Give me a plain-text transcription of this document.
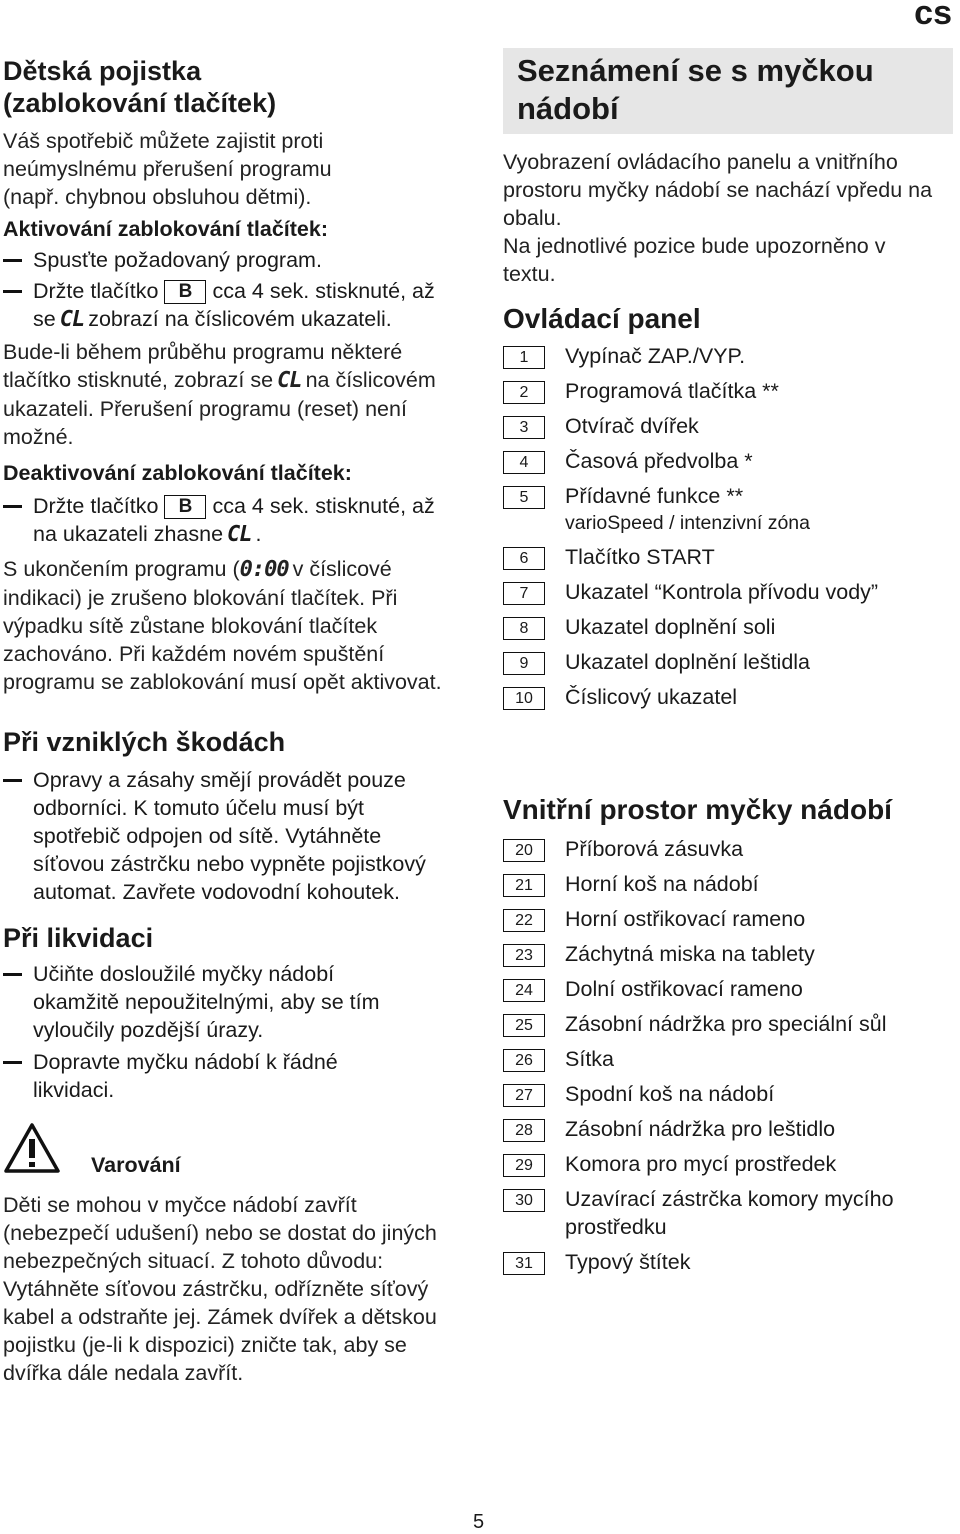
cs
Dětská pojistka (zablokování tlačítek)

Váš spotřebič můžete zajistit proti neúmyslnému přerušení programu (např. chybnou obsluhou dětmi).

Aktivování zablokování tlačítek:

Spusťte požadovaný program.

Držte tlačítko B cca 4 sek. stisknuté, až se CL zobrazí na číslicovém ukazateli.

Bude-li během průběhu programu některé tlačítko stisknuté, zobrazí se CL na číslicovém ukazateli. Přerušení programu (reset) není možné.

Deaktivování zablokování tlačítek:

Držte tlačítko B cca 4 sek. stisknuté, až na ukazateli zhasne CL .

S ukončením programu (0:00 v číslicové indikaci) je zrušeno blokování tlačítek. Při výpadku sítě zůstane blokování tlačítek zachováno. Při každém novém spuštění programu se zablokování musí opět aktivovat.

Při vzniklých škodách

Opravy a zásahy smějí provádět pouze odborníci. K tomuto účelu musí být spotřebič odpojen od sítě. Vytáhněte síťovou zástrčku nebo vypněte pojistkový automat. Zavřete vodovodní kohoutek.

Při likvidaci

Učiňte dosloužilé myčky nádobí okamžitě nepoužitelnými, aby se tím vyloučily pozdější úrazy.

Dopravte myčku nádobí k řádné likvidaci.

Varování

Děti se mohou v myčce nádobí zavřít (nebezpečí udušení) nebo se dostat do jiných nebezpečných situací. Z tohoto důvodu: Vytáhněte síťovou zástrčku, odřízněte síťový kabel a odstraňte jej. Zámek dvířek a dětskou pojistku (je-li k dispozici) zničte tak, aby se dvířka dále nedala zavřít.

Seznámení se s myčkou nádobí

Vyobrazení ovládacího panelu a vnitřního prostoru myčky nádobí se nachází vpředu na obalu.

Na jednotlivé pozice bude upozorněno v textu.

Ovládací panel
1	Vypínač ZAP./VYP.
2	Programová tlačítka **
3	Otvírač dvířek
4	Časová předvolba *
5	Přídavné funkce **
varioSpeed / intenzivní zóna
6	Tlačítko START
7	Ukazatel “Kontrola přívodu vody”
8	Ukazatel doplnění soli
9	Ukazatel doplnění leštidla
10	Číslicový ukazatel
Vnitřní prostor myčky nádobí
20	Příborová zásuvka
21	Horní koš na nádobí
22	Horní ostřikovací rameno
23	Záchytná miska na tablety
24	Dolní ostřikovací rameno
25	Zásobní nádržka pro speciální sůl
26	Sítka
27	Spodní koš na nádobí
28	Zásobní nádržka pro leštidlo
29	Komora pro mycí prostředek
30	Uzavírací zástrčka komory mycího prostředku
31	Typový štítek
5
